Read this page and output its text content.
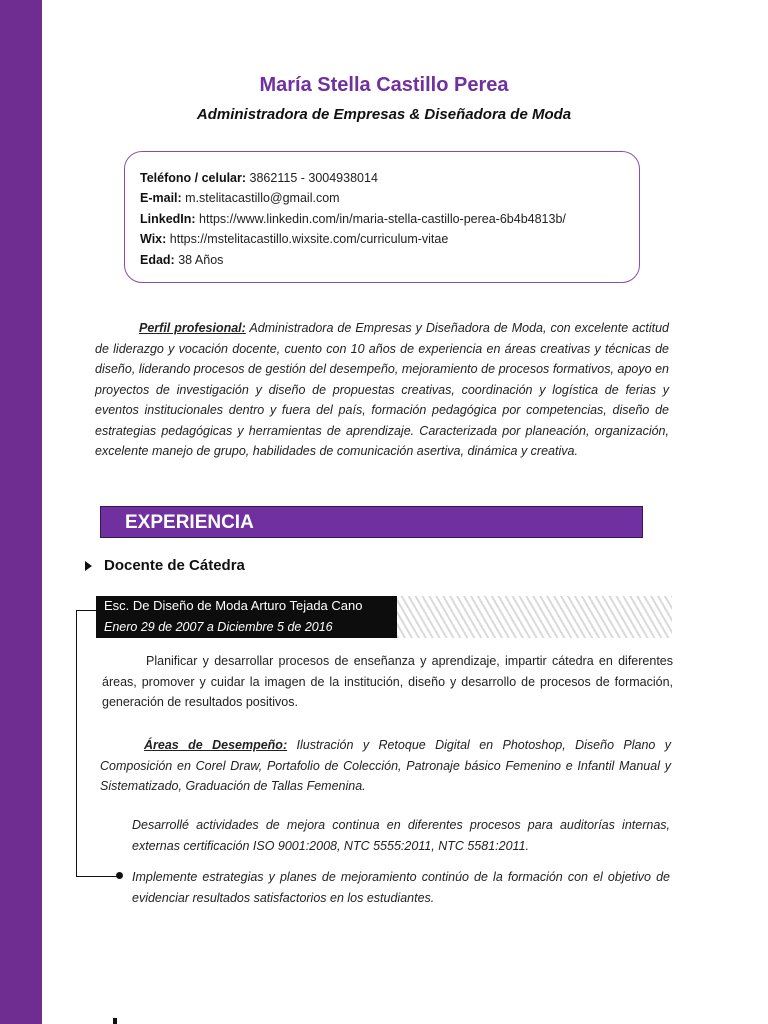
María Stella Castillo Perea
Administradora de Empresas & Diseñadora de Moda
Teléfono / celular: 3862115 - 3004938014
E-mail: m.stelitacastillo@gmail.com
LinkedIn: https://www.linkedin.com/in/maria-stella-castillo-perea-6b4b4813b/
Wix: https://mstelitacastillo.wixsite.com/curriculum-vitae
Edad: 38 Años
Perfil profesional: Administradora de Empresas y Diseñadora de Moda, con excelente actitud de liderazgo y vocación docente, cuento con 10 años de experiencia en áreas creativas y técnicas de diseño, liderando procesos de gestión del desempeño, mejoramiento de procesos formativos, apoyo en proyectos de investigación y diseño de propuestas creativas, coordinación y logística de ferias y eventos institucionales dentro y fuera del país, formación pedagógica por competencias, diseño de estrategias pedagógicas y herramientas de aprendizaje. Caracterizada por planeación, organización, excelente manejo de grupo, habilidades de comunicación asertiva, dinámica y creativa.
EXPERIENCIA
Docente de Cátedra
Esc. De Diseño de Moda Arturo Tejada Cano
Enero 29 de 2007 a Diciembre 5 de 2016
Planificar y desarrollar procesos de enseñanza y aprendizaje, impartir cátedra en diferentes áreas, promover y cuidar la imagen de la institución, diseño y desarrollo de procesos de formación, generación de resultados positivos.
Áreas de Desempeño: Ilustración y Retoque Digital en Photoshop, Diseño Plano y Composición en Corel Draw, Portafolio de Colección, Patronaje básico Femenino e Infantil Manual y Sistematizado, Graduación de Tallas Femenina.
Desarrollé actividades de mejora continua en diferentes procesos para auditorías internas, externas certificación ISO 9001:2008, NTC 5555:2011, NTC 5581:2011.
Implemente estrategias y planes de mejoramiento continúo de la formación con el objetivo de evidenciar resultados satisfactorios en los estudiantes.
